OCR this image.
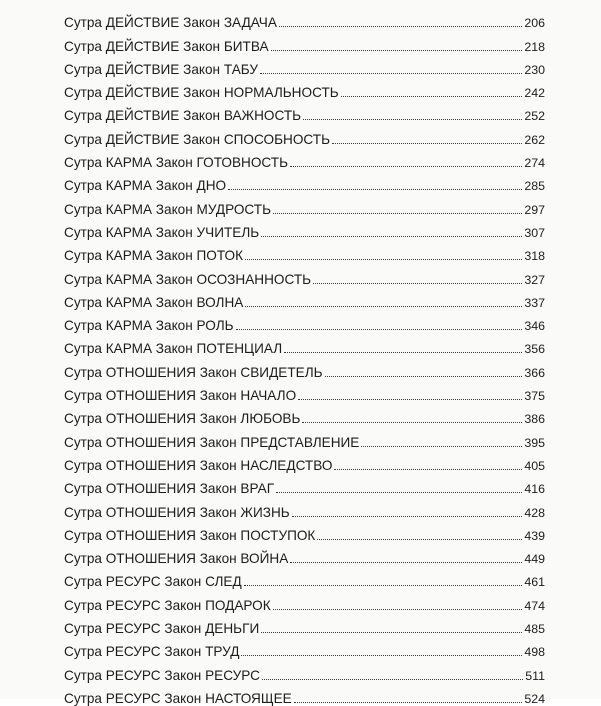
Сутра ДЕЙСТВИЕ Закон ЗАДАЧА	206
Сутра ДЕЙСТВИЕ Закон БИТВА	218
Сутра ДЕЙСТВИЕ Закон ТАБУ	230
Сутра ДЕЙСТВИЕ Закон НОРМАЛЬНОСТЬ	242
Сутра ДЕЙСТВИЕ Закон ВАЖНОСТЬ	252
Сутра ДЕЙСТВИЕ Закон СПОСОБНОСТЬ	262
Сутра КАРМА Закон ГОТОВНОСТЬ	274
Сутра КАРМА Закон ДНО	285
Сутра КАРМА Закон МУДРОСТЬ	297
Сутра КАРМА Закон УЧИТЕЛЬ	307
Сутра КАРМА Закон ПОТОК	318
Сутра КАРМА Закон ОСОЗНАННОСТЬ	327
Сутра КАРМА Закон ВОЛНА	337
Сутра КАРМА Закон РОЛЬ	346
Сутра КАРМА Закон ПОТЕНЦИАЛ	356
Сутра ОТНОШЕНИЯ Закон СВИДЕТЕЛЬ	366
Сутра ОТНОШЕНИЯ Закон НАЧАЛО	375
Сутра ОТНОШЕНИЯ Закон ЛЮБОВЬ	386
Сутра ОТНОШЕНИЯ Закон ПРЕДСТАВЛЕНИЕ	395
Сутра ОТНОШЕНИЯ Закон НАСЛЕДСТВО	405
Сутра ОТНОШЕНИЯ Закон ВРАГ	416
Сутра ОТНОШЕНИЯ Закон ЖИЗНЬ	428
Сутра ОТНОШЕНИЯ Закон ПОСТУПОК	439
Сутра ОТНОШЕНИЯ Закон ВОЙНА	449
Сутра РЕСУРС Закон СЛЕД	461
Сутра РЕСУРС Закон ПОДАРОК	474
Сутра РЕСУРС Закон ДЕНЬГИ	485
Сутра РЕСУРС Закон ТРУД	498
Сутра РЕСУРС Закон РЕСУРС	511
Сутра РЕСУРС Закон НАСТОЯЩЕЕ	524
